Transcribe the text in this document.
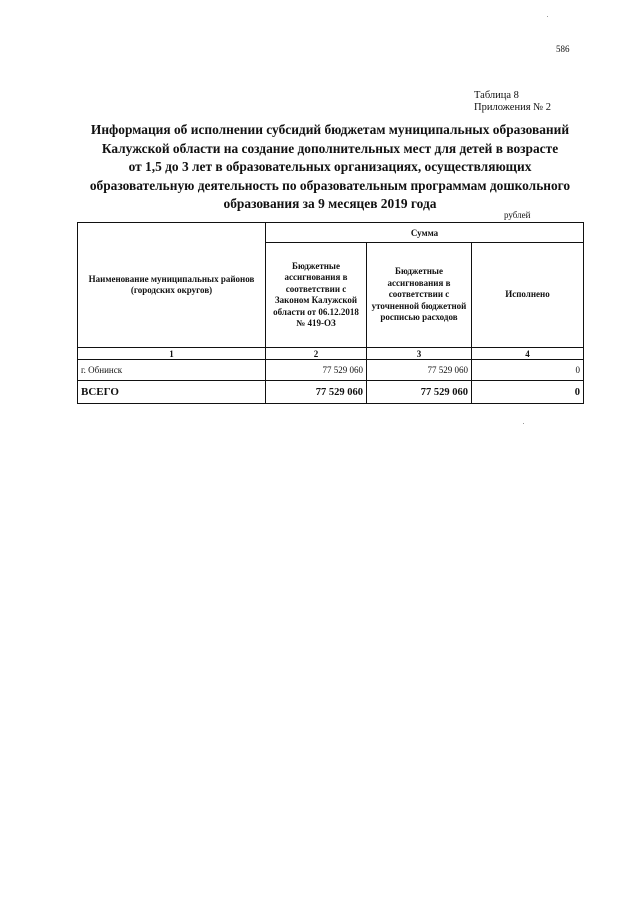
586
Таблица 8
Приложения № 2
Информация об исполнении субсидий бюджетам муниципальных образований
Калужской области на создание дополнительных мест для детей в возрасте
от 1,5 до 3 лет в образовательных организациях, осуществляющих
образовательную деятельность по образовательным программам дошкольного
образования за 9 месяцев 2019 года
рублей
Наименование муниципальных районов (городских округов)	Сумма		
	Бюджетные ассигнования в соответствии с Законом Калужской области от 06.12.2018 № 419-ОЗ	Бюджетные ассигнования в соответствии с уточненной бюджетной росписью расходов	Исполнено
1	2	3	4
г. Обнинск	77 529 060	77 529 060	0
ВСЕГО	77 529 060	77 529 060	0
